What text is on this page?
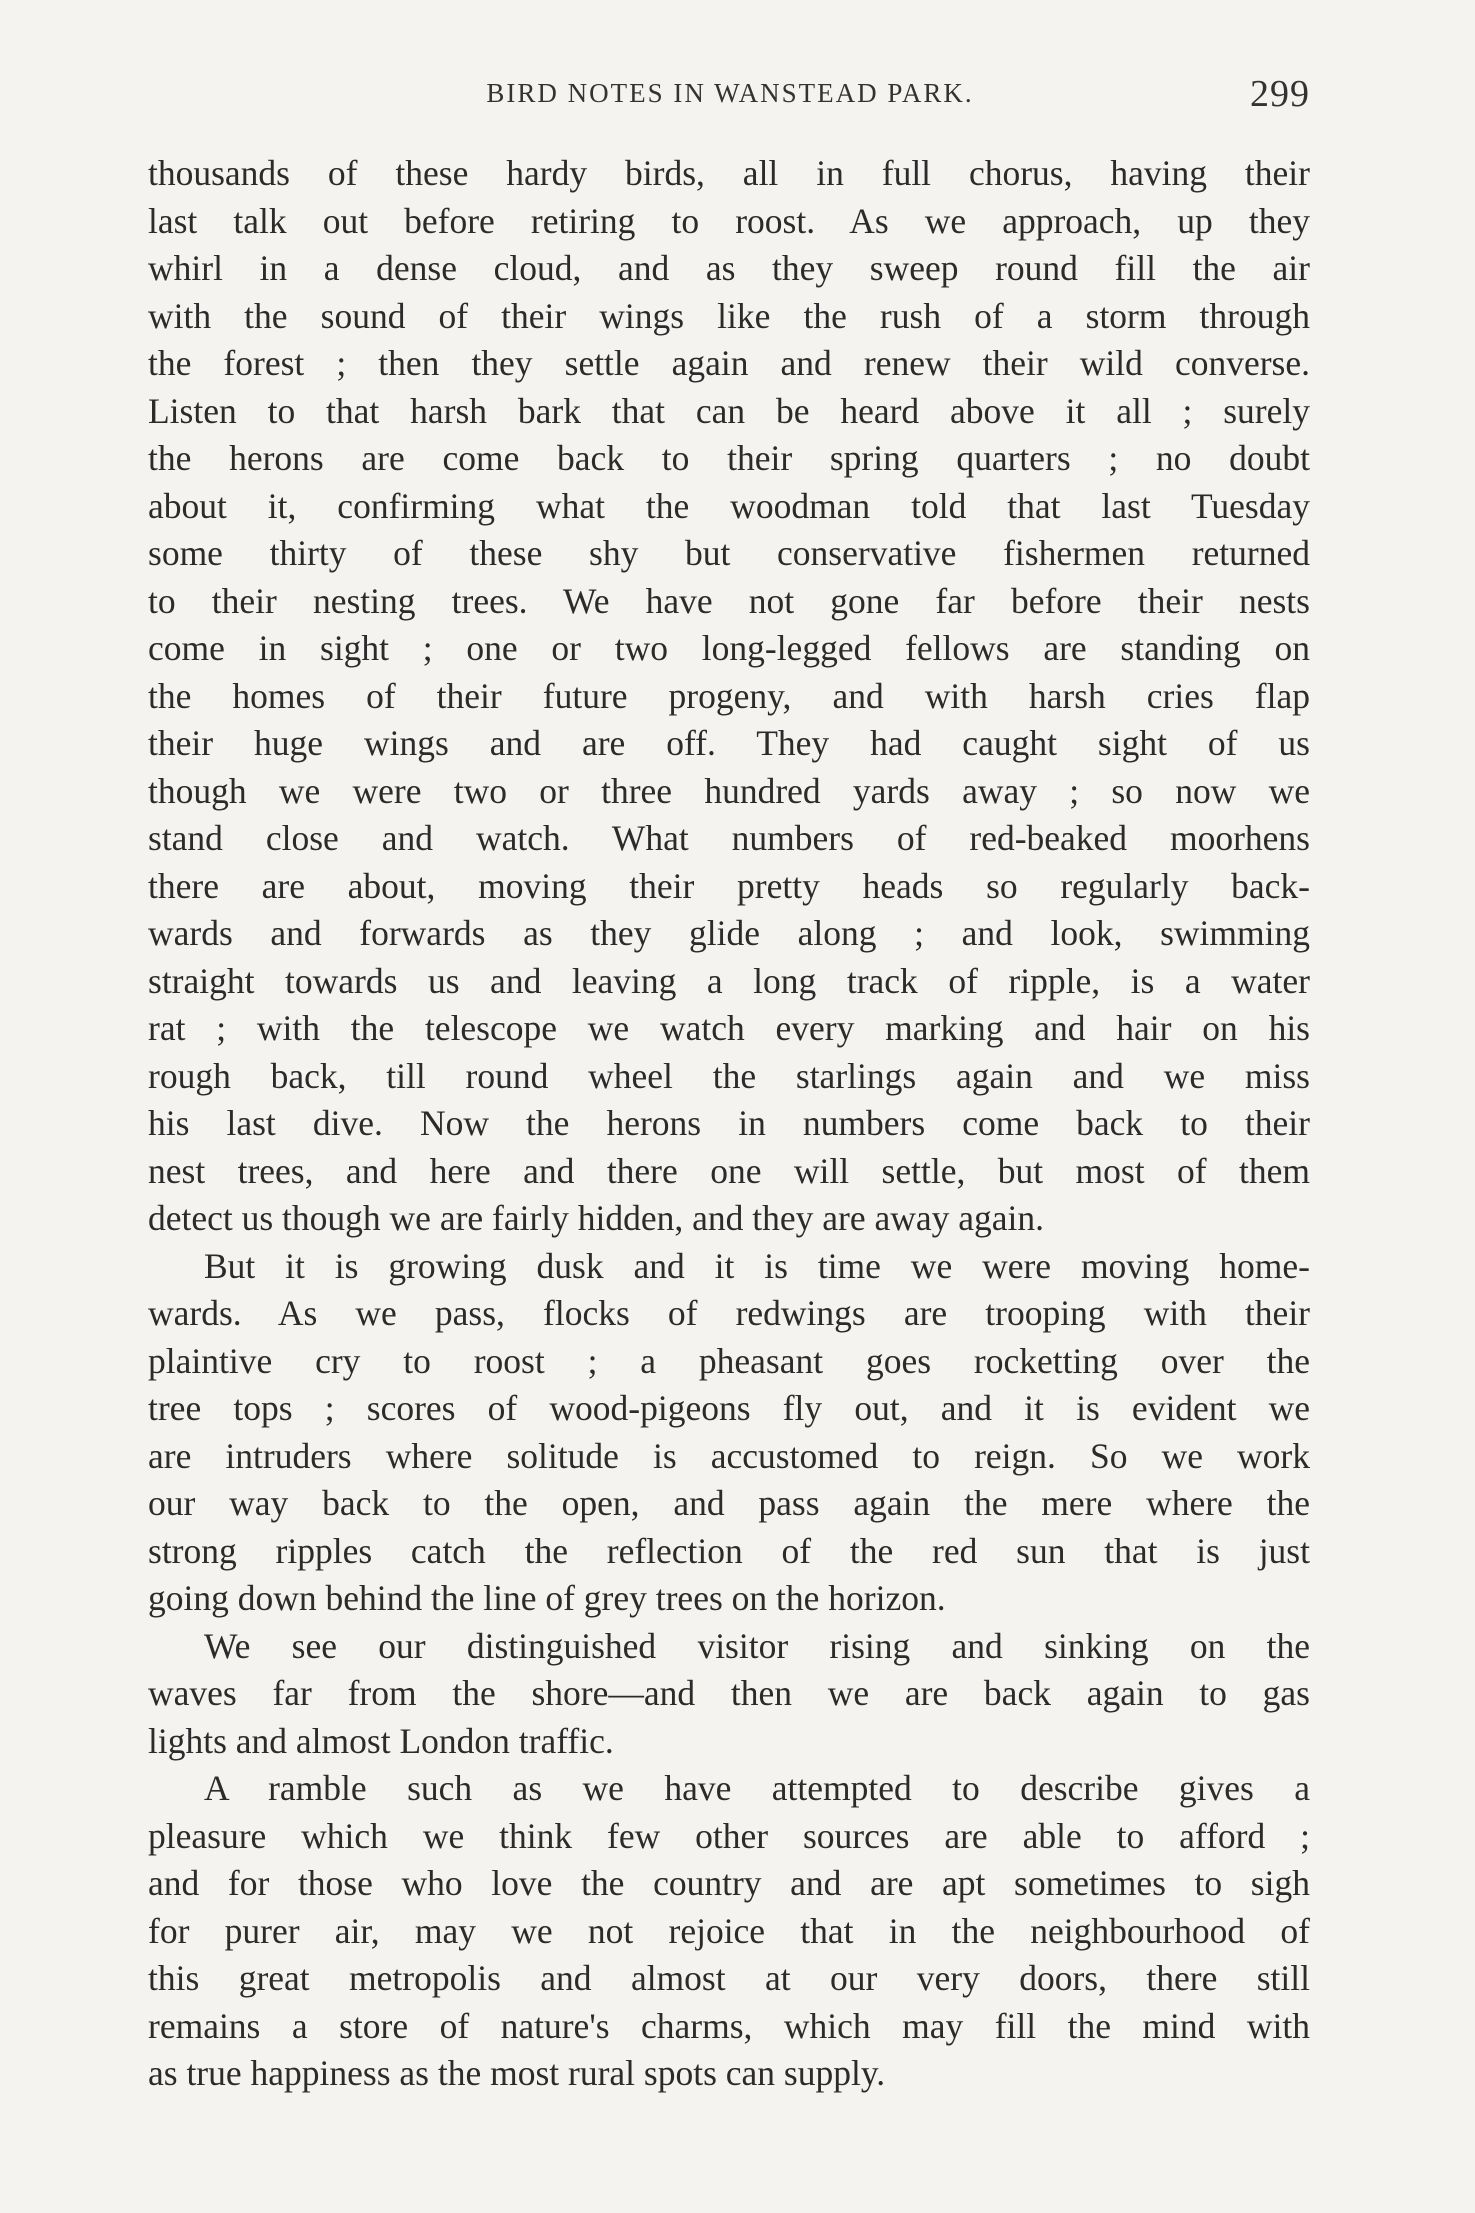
BIRD NOTES IN WANSTEAD PARK.	299
thousands of these hardy birds, all in full chorus, having their
last talk out before retiring to roost. As we approach, up they
whirl in a dense cloud, and as they sweep round fill the air
with the sound of their wings like the rush of a storm through
the forest ; then they settle again and renew their wild converse.
Listen to that harsh bark that can be heard above it all ; surely
the herons are come back to their spring quarters ; no doubt
about it, confirming what the woodman told that last Tuesday
some thirty of these shy but conservative fishermen returned
to their nesting trees. We have not gone far before their nests
come in sight ; one or two long-legged fellows are standing on
the homes of their future progeny, and with harsh cries flap
their huge wings and are off. They had caught sight of us
though we were two or three hundred yards away ; so now we
stand close and watch. What numbers of red-beaked moorhens
there are about, moving their pretty heads so regularly back-
wards and forwards as they glide along ; and look, swimming
straight towards us and leaving a long track of ripple, is a water
rat ; with the telescope we watch every marking and hair on his
rough back, till round wheel the starlings again and we miss
his last dive. Now the herons in numbers come back to their
nest trees, and here and there one will settle, but most of them
detect us though we are fairly hidden, and they are away again.
But it is growing dusk and it is time we were moving home-
wards. As we pass, flocks of redwings are trooping with their
plaintive cry to roost ; a pheasant goes rocketting over the
tree tops ; scores of wood-pigeons fly out, and it is evident we
are intruders where solitude is accustomed to reign. So we work
our way back to the open, and pass again the mere where the
strong ripples catch the reflection of the red sun that is just
going down behind the line of grey trees on the horizon.
We see our distinguished visitor rising and sinking on the
waves far from the shore—and then we are back again to gas
lights and almost London traffic.
A ramble such as we have attempted to describe gives a
pleasure which we think few other sources are able to afford ;
and for those who love the country and are apt sometimes to sigh
for purer air, may we not rejoice that in the neighbourhood of
this great metropolis and almost at our very doors, there still
remains a store of nature's charms, which may fill the mind with
as true happiness as the most rural spots can supply.
